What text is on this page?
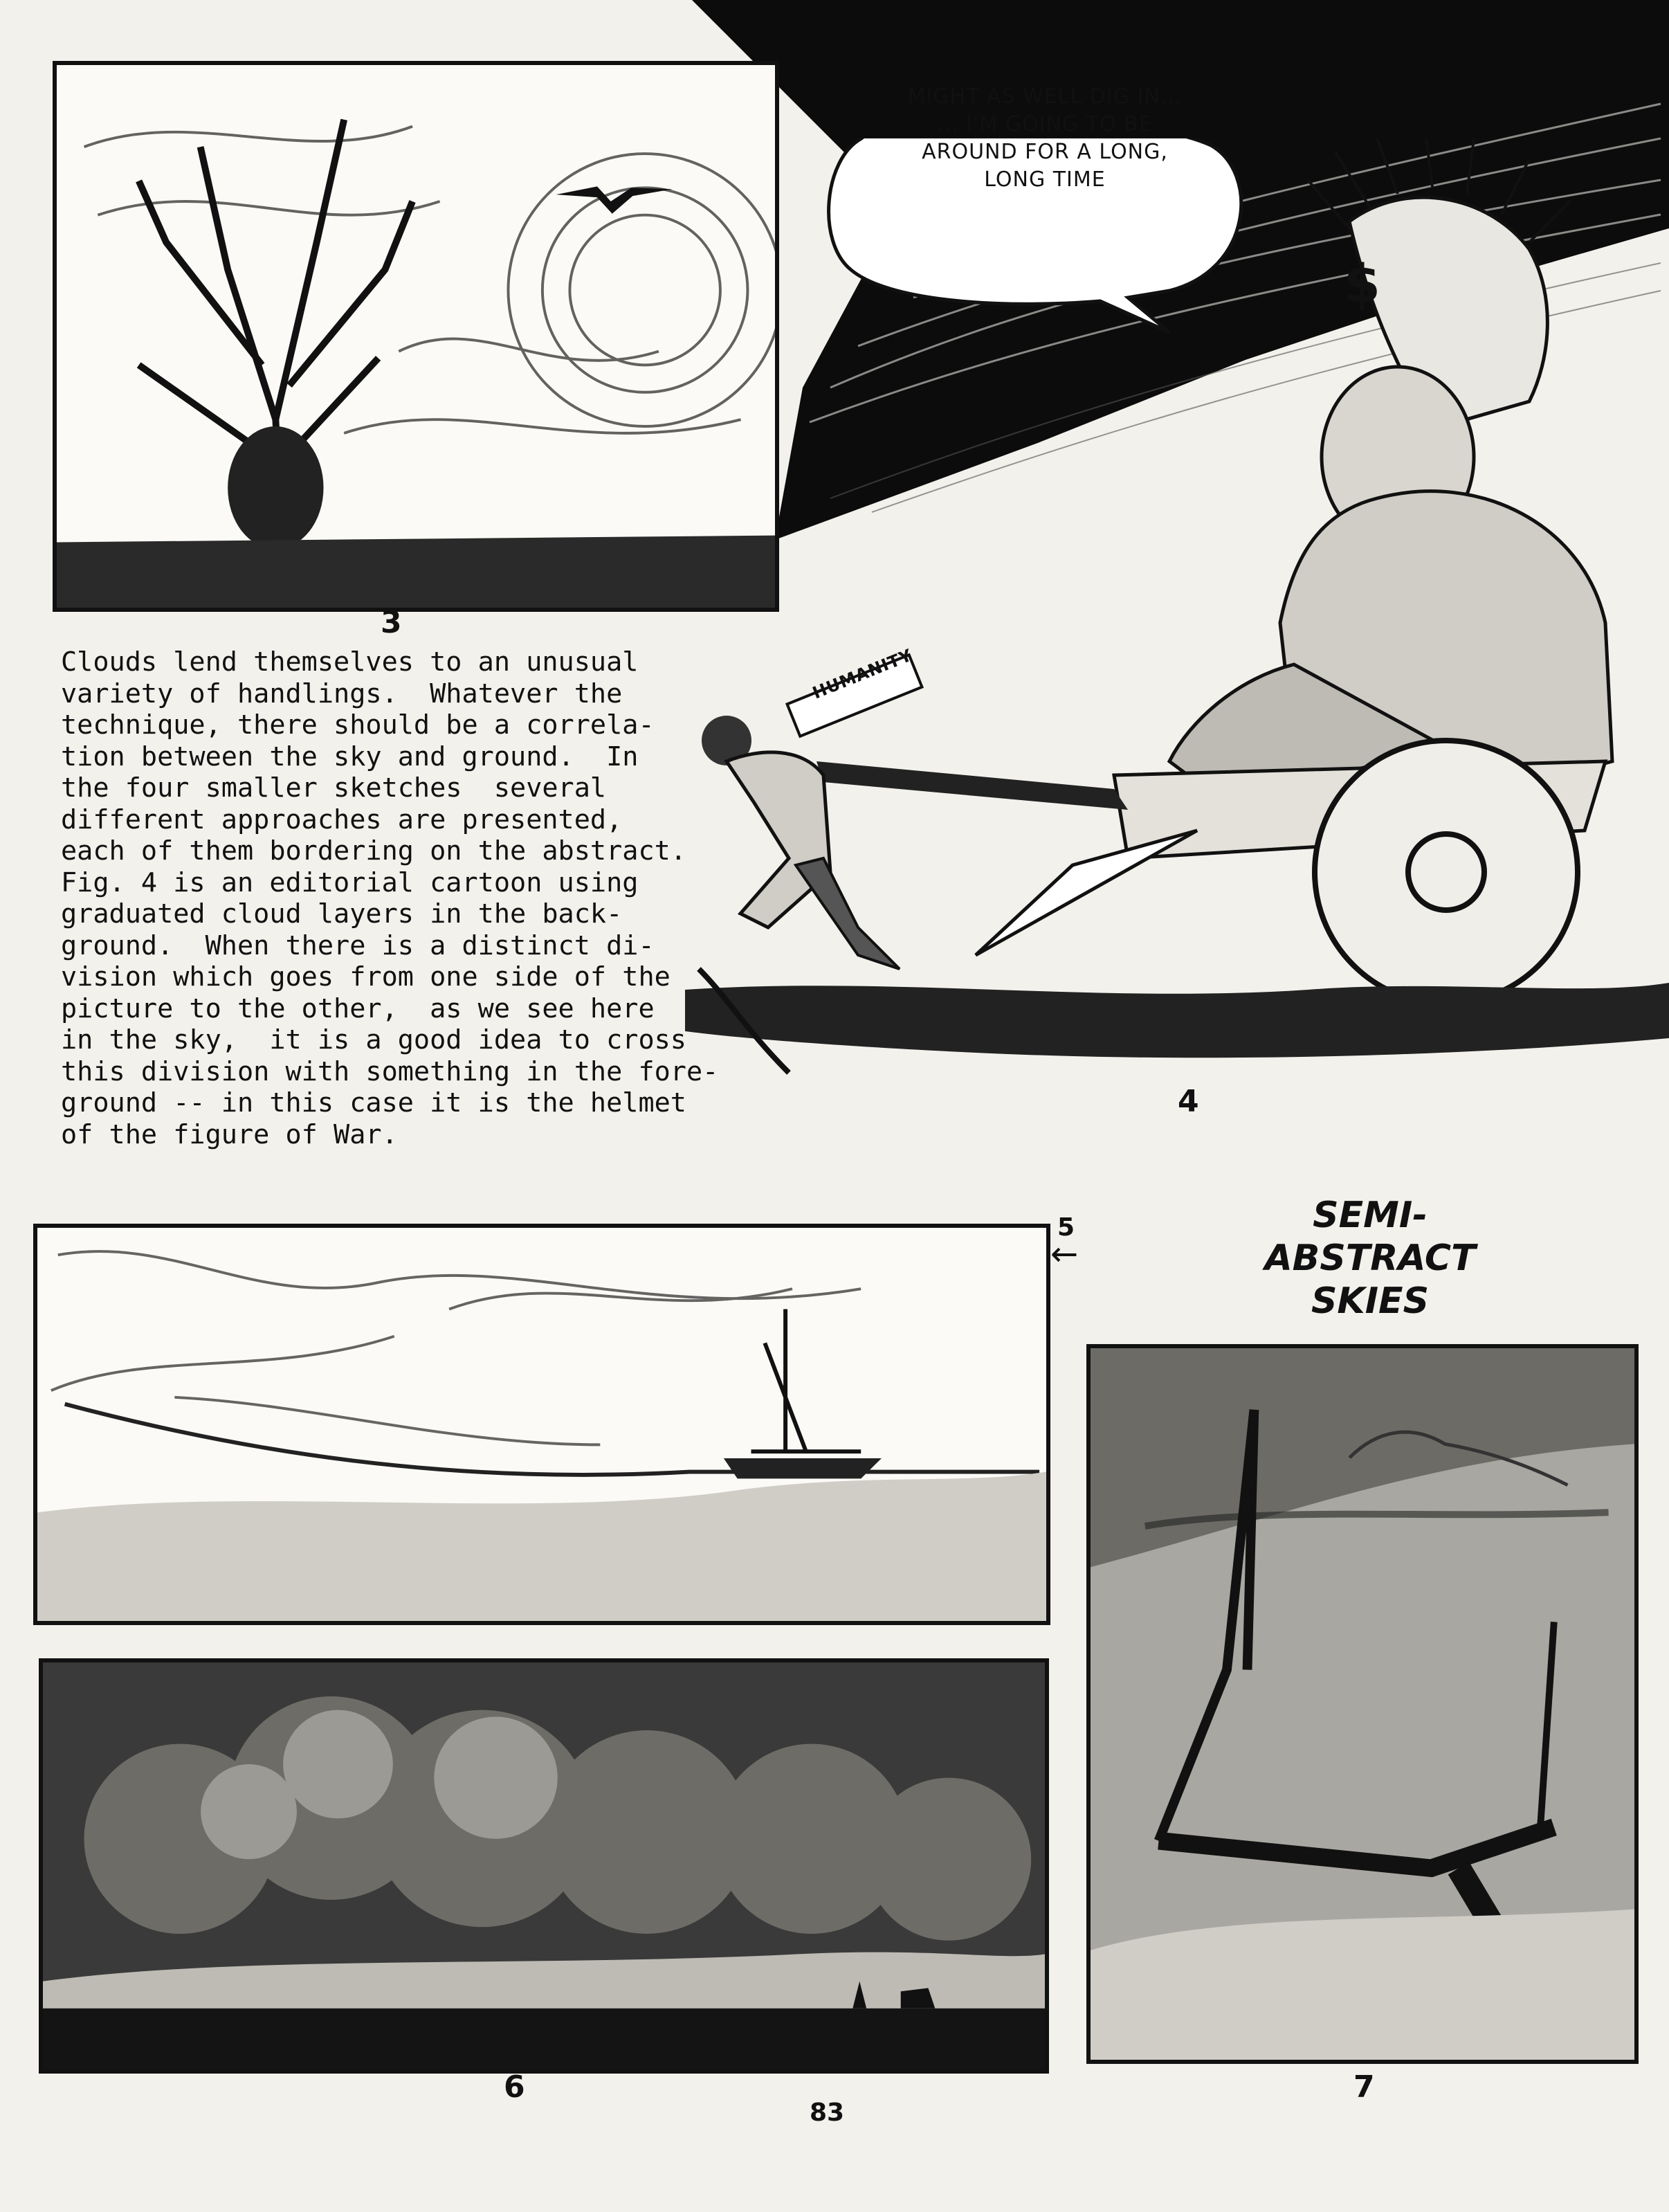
3
Clouds lend themselves to an unusual
variety of handlings.  Whatever the
technique, there should be a correla-
tion between the sky and ground.  In
the four smaller sketches  several
different approaches are presented,
each of them bordering on the abstract.
Fig. 4 is an editorial cartoon using
graduated cloud layers in the back-
ground.  When there is a distinct di-
vision which goes from one side of the
picture to the other,  as we see here
in the sky,  it is a good idea to cross
this division with something in the fore-
ground -- in this case it is the helmet
of the figure of War.
MIGHT AS WELL DIG IN...
... I'M GOING TO BE
AROUND FOR A LONG,
LONG TIME
$
HUMANITY
4
5
←
SEMI-ABSTRACT
SKIES
6	7
83
